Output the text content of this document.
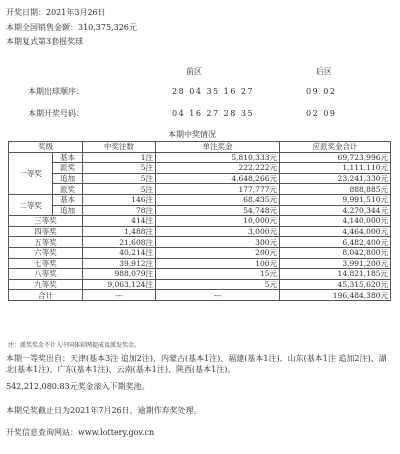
开奖日期：2021年3月26日
本期全国销售金额：310,375,326元
本期复式第3套摇奖球
前区	后区
本期出球顺序：	28 04 35 16 27	09 02
本期开奖号码：	04 16 27 28 35	02 09
本期中奖情况
奖级		中奖注数	单注奖金	应派奖金合计
一等奖	基本	1注	5,810,333元	69,723,996元
	派奖	5注	222,222元	1,111,110元
	追加	5注	4,648,266元	23,241,330元
	派奖	5注	177,777元	888,885元
二等奖	基本	146注	68,435元	9,991,510元
	追加	78注	54,748元	4,270,344元
三等奖		414注	10,000元	4,140,000元
四等奖		1,488注	3,000元	4,464,000元
五等奖		21,608注	300元	6,482,400元
六等奖		40,214注	200元	8,042,800元
七等奖		39,912注	100元	3,991,200元
八等奖		988,079注	15元	14,821,185元
九等奖		9,063,124注	5元	45,315,620元
合计		---	---	196,484,380元
注：派奖奖金不计入中国体彩网提成及派发奖金。
本期一等奖出自：天津(基本3注 追加2注)、内蒙古(基本1注)、福建(基本1注)、山东(基本1注 追加2注)、湖北(基本1注)、广东(基本1注)、云南(基本1注)、陕西(基本1注)。
542,212,080.83元奖金滚入下期奖池。
本期兑奖截止日为2021年7月26日，逾期作弃奖处理。
开奖信息查询网站：www.lottery.gov.cn
